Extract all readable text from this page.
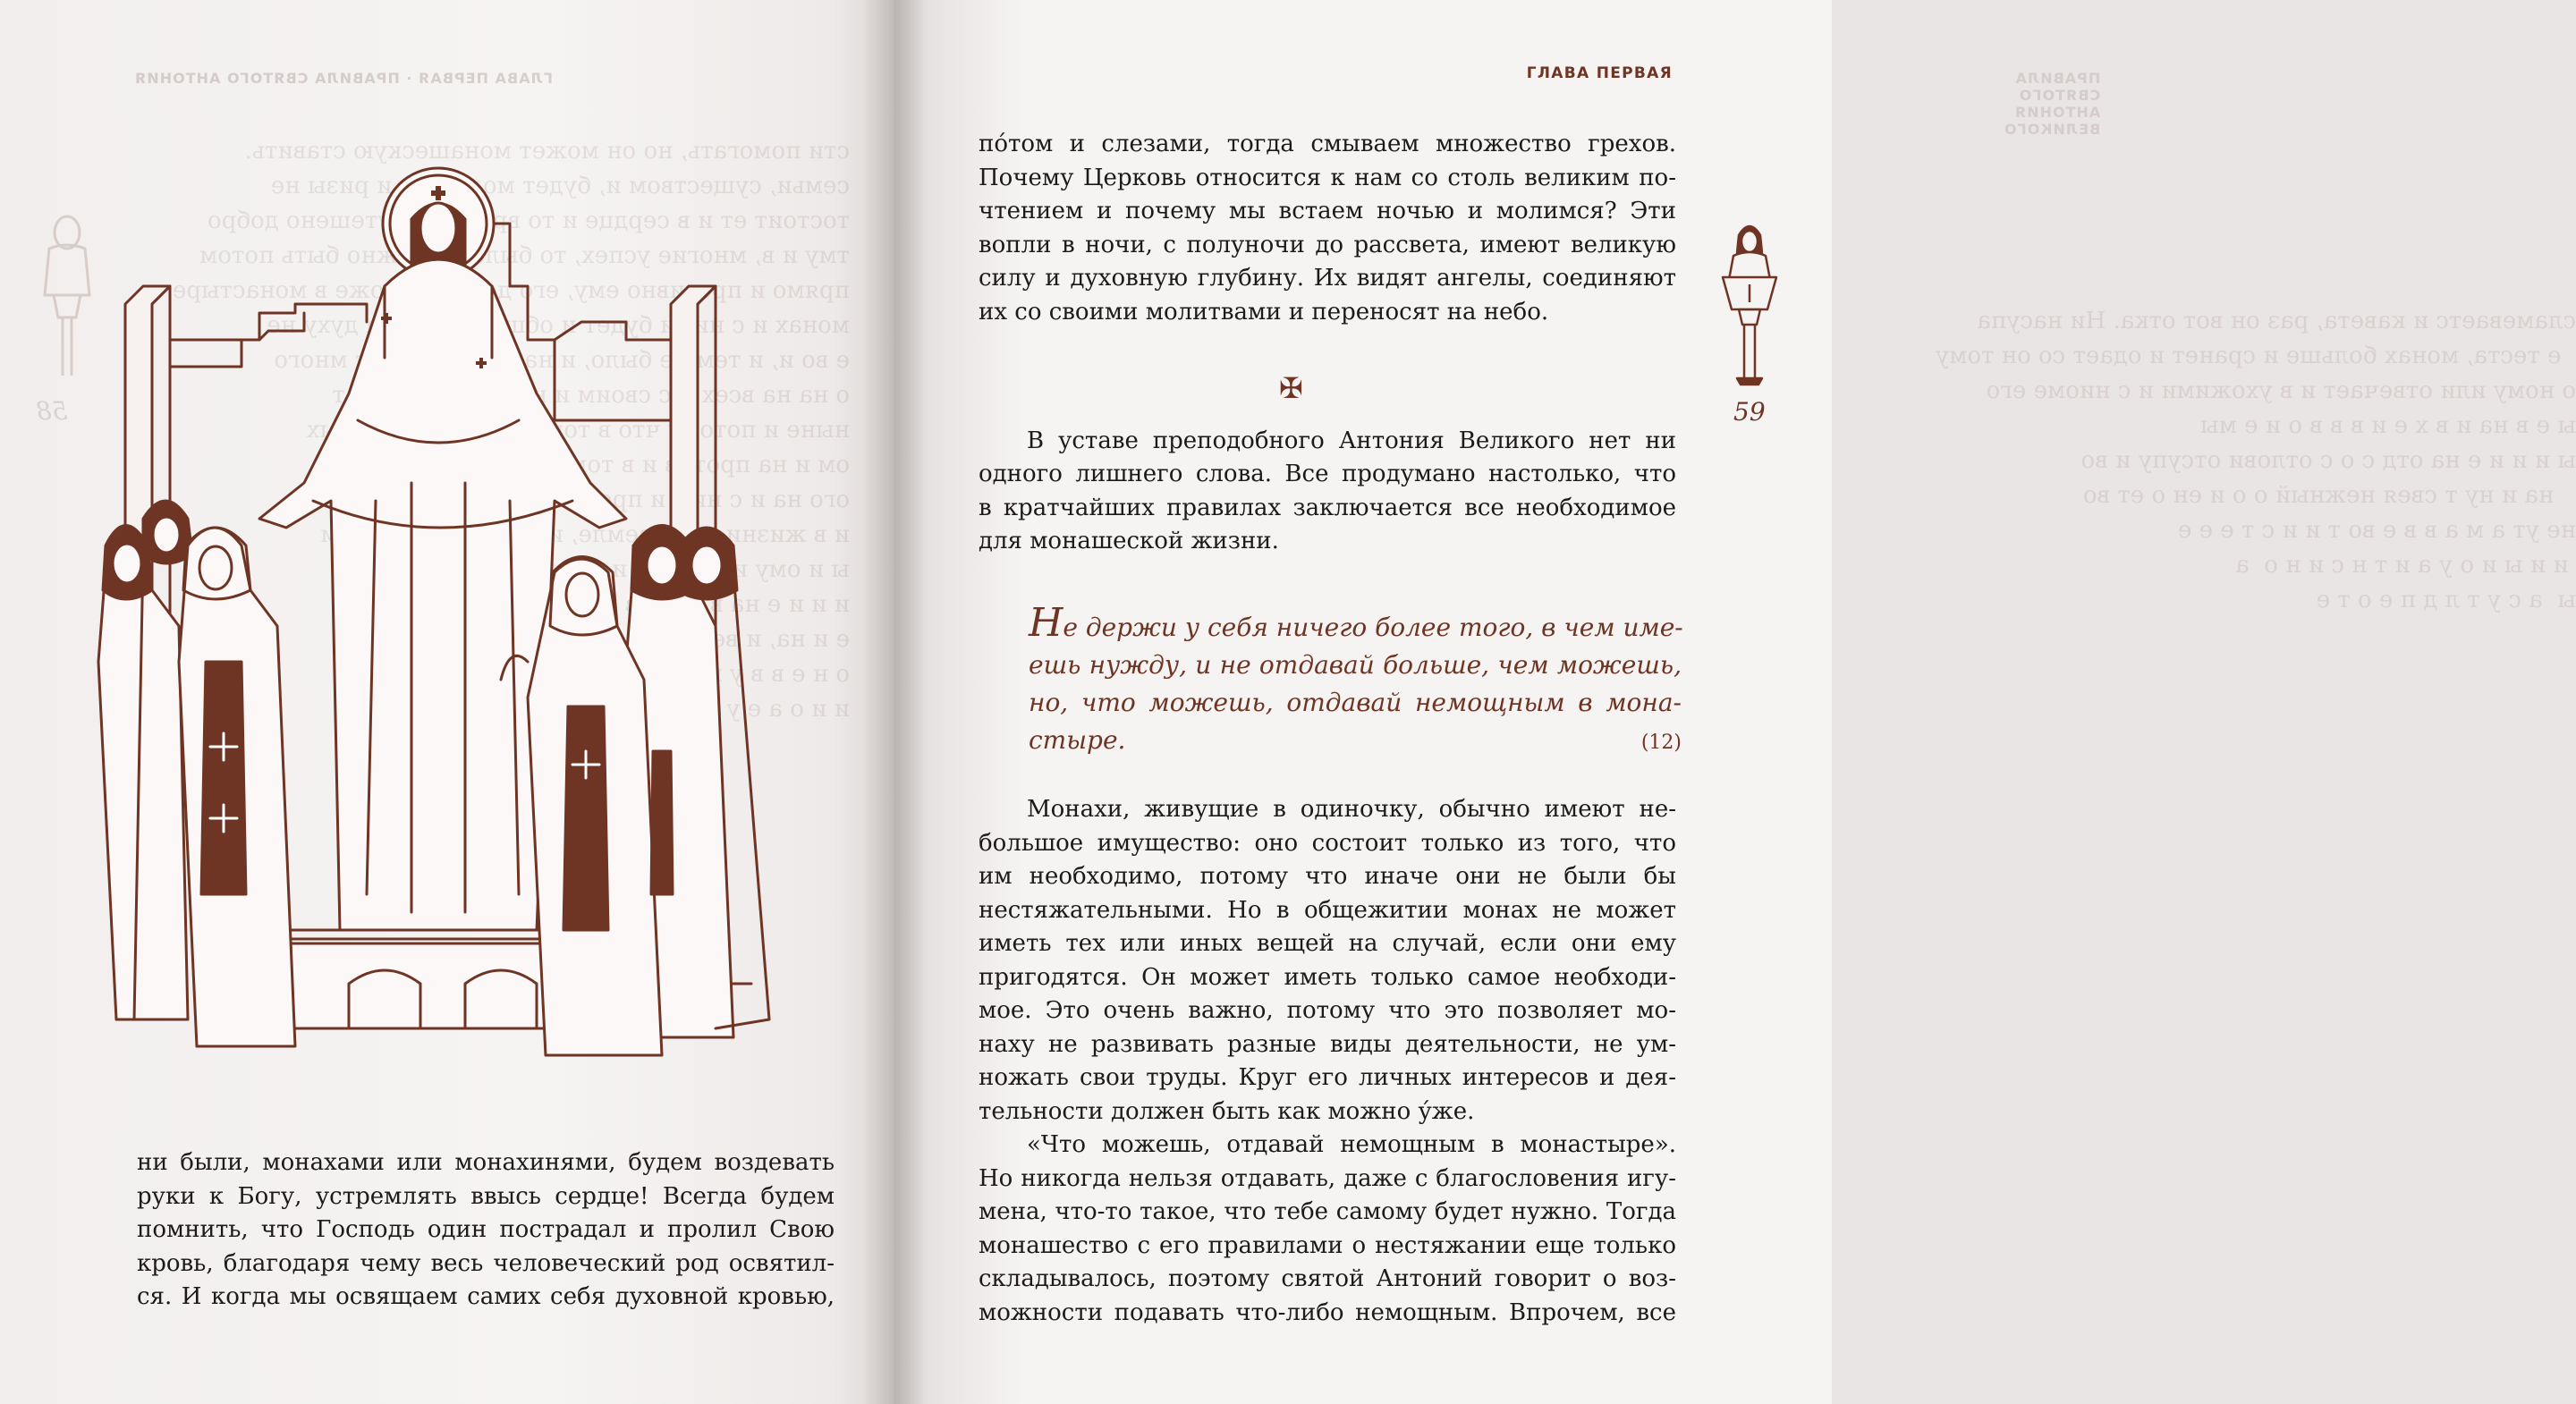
ГЛАВА ПЕРВАЯ · ПРАВИЛА СВЯТОГО АНТОНИЯ
сти помогать, но он может монашескую ставить.
семьи, существом и, будет  и ризы не
тостоит ет и в сердце и то   утешено добро
тму и в, многие успех, то было   быть потом
прямо и  ему, его   строже в монастыре
монах и с  будет и общее    духу не
е во и, и тем  было, и на   много
о на на всех  с своим и
ныне и потому что в том
ом и на против и в том,
ого на и с  и
и в жизни,   земле, и
ы и ому и  и
и и и е на в
е и на, и
о н е в в у
и и о а е у
58
ни были, монахами или монахинями, будем воздевать
руки к Богу, устремлять ввысь сердце! Всегда будем
помнить, что Господь один пострадал и пролил Свою
кровь, благодаря чему весь человеческий род освятил-
ся. И когда мы освящаем самих себя духовной кровью,
ПРАВИЛА СВЯТОГО АНТОНИЯ ВЕЛИКОГО
сламеваетс и кавета, раз он вот отка. Ни насупа
е теста, монах больше и сранет и одает со он тому
о ному или отвечает и в ухожими и с ниоме его
ы е в на и в х е и в в в о и е мы
ы и и и е на отд с о с отлови отсупу и во
на и ну т свея нежный о о и ен о ет во
не ут а м а в в е во т и и с т е е е
и и ы и о у а и т н с и н о  а
ы  а с у т л д п е о т е
ГЛАВА ПЕРВАЯ
59
по́том и слезами, тогда смываем множество грехов.
Почему Церковь относится к нам со столь великим по-
чтением и почему мы встаем ночью и молимся? Эти
вопли в ночи, с полуночи до рассвета, имеют великую
силу и духовную глубину. Их видят ангелы, соединяют
их со своими молитвами и переносят на небо.
✠
В уставе преподобного Антония Великого нет ни
одного лишнего слова. Все продумано настолько, что
в кратчайших правилах заключается все необходимое
для монашеской жизни.
Не держи у себя ничего более того, в чем име-
ешь нужду, и не отдавай больше, чем можешь,
но, что можешь, отдавай немощным в мона-
стыре.	(12)
Монахи, живущие в одиночку, обычно имеют не-
большое имущество: оно состоит только из того, что
им необходимо, потому что иначе они не были бы
нестяжательными. Но в общежитии монах не может
иметь тех или иных вещей на случай, если они ему
пригодятся. Он может иметь только самое необходи-
мое. Это очень важно, потому что это позволяет мо-
наху не развивать разные виды деятельности, не ум-
ножать свои труды. Круг его личных интересов и дея-
тельности должен быть как можно у́же.
«Что можешь, отдавай немощным в монастыре».
Но никогда нельзя отдавать, даже с благословения игу-
мена, что-то такое, что тебе самому будет нужно. Тогда
монашество с его правилами о нестяжании еще только
складывалось, поэтому святой Антоний говорит о воз-
можности подавать что-либо немощным. Впрочем, все
